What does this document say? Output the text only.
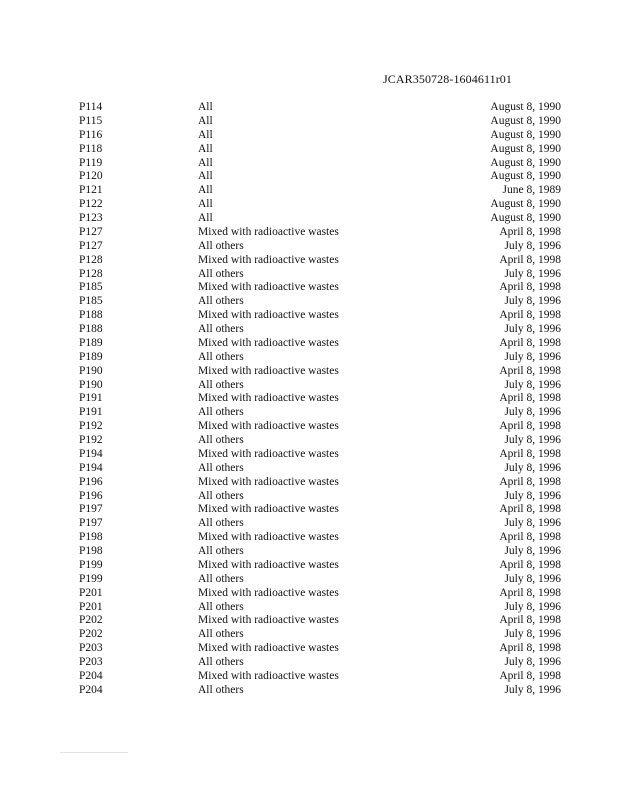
JCAR350728-1604611r01
P114	All	August 8, 1990
P115	All	August 8, 1990
P116	All	August 8, 1990
P118	All	August 8, 1990
P119	All	August 8, 1990
P120	All	August 8, 1990
P121	All	June 8, 1989
P122	All	August 8, 1990
P123	All	August 8, 1990
P127	Mixed with radioactive wastes	April 8, 1998
P127	All others	July 8, 1996
P128	Mixed with radioactive wastes	April 8, 1998
P128	All others	July 8, 1996
P185	Mixed with radioactive wastes	April 8, 1998
P185	All others	July 8, 1996
P188	Mixed with radioactive wastes	April 8, 1998
P188	All others	July 8, 1996
P189	Mixed with radioactive wastes	April 8, 1998
P189	All others	July 8, 1996
P190	Mixed with radioactive wastes	April 8, 1998
P190	All others	July 8, 1996
P191	Mixed with radioactive wastes	April 8, 1998
P191	All others	July 8, 1996
P192	Mixed with radioactive wastes	April 8, 1998
P192	All others	July 8, 1996
P194	Mixed with radioactive wastes	April 8, 1998
P194	All others	July 8, 1996
P196	Mixed with radioactive wastes	April 8, 1998
P196	All others	July 8, 1996
P197	Mixed with radioactive wastes	April 8, 1998
P197	All others	July 8, 1996
P198	Mixed with radioactive wastes	April 8, 1998
P198	All others	July 8, 1996
P199	Mixed with radioactive wastes	April 8, 1998
P199	All others	July 8, 1996
P201	Mixed with radioactive wastes	April 8, 1998
P201	All others	July 8, 1996
P202	Mixed with radioactive wastes	April 8, 1998
P202	All others	July 8, 1996
P203	Mixed with radioactive wastes	April 8, 1998
P203	All others	July 8, 1996
P204	Mixed with radioactive wastes	April 8, 1998
P204	All others	July 8, 1996
